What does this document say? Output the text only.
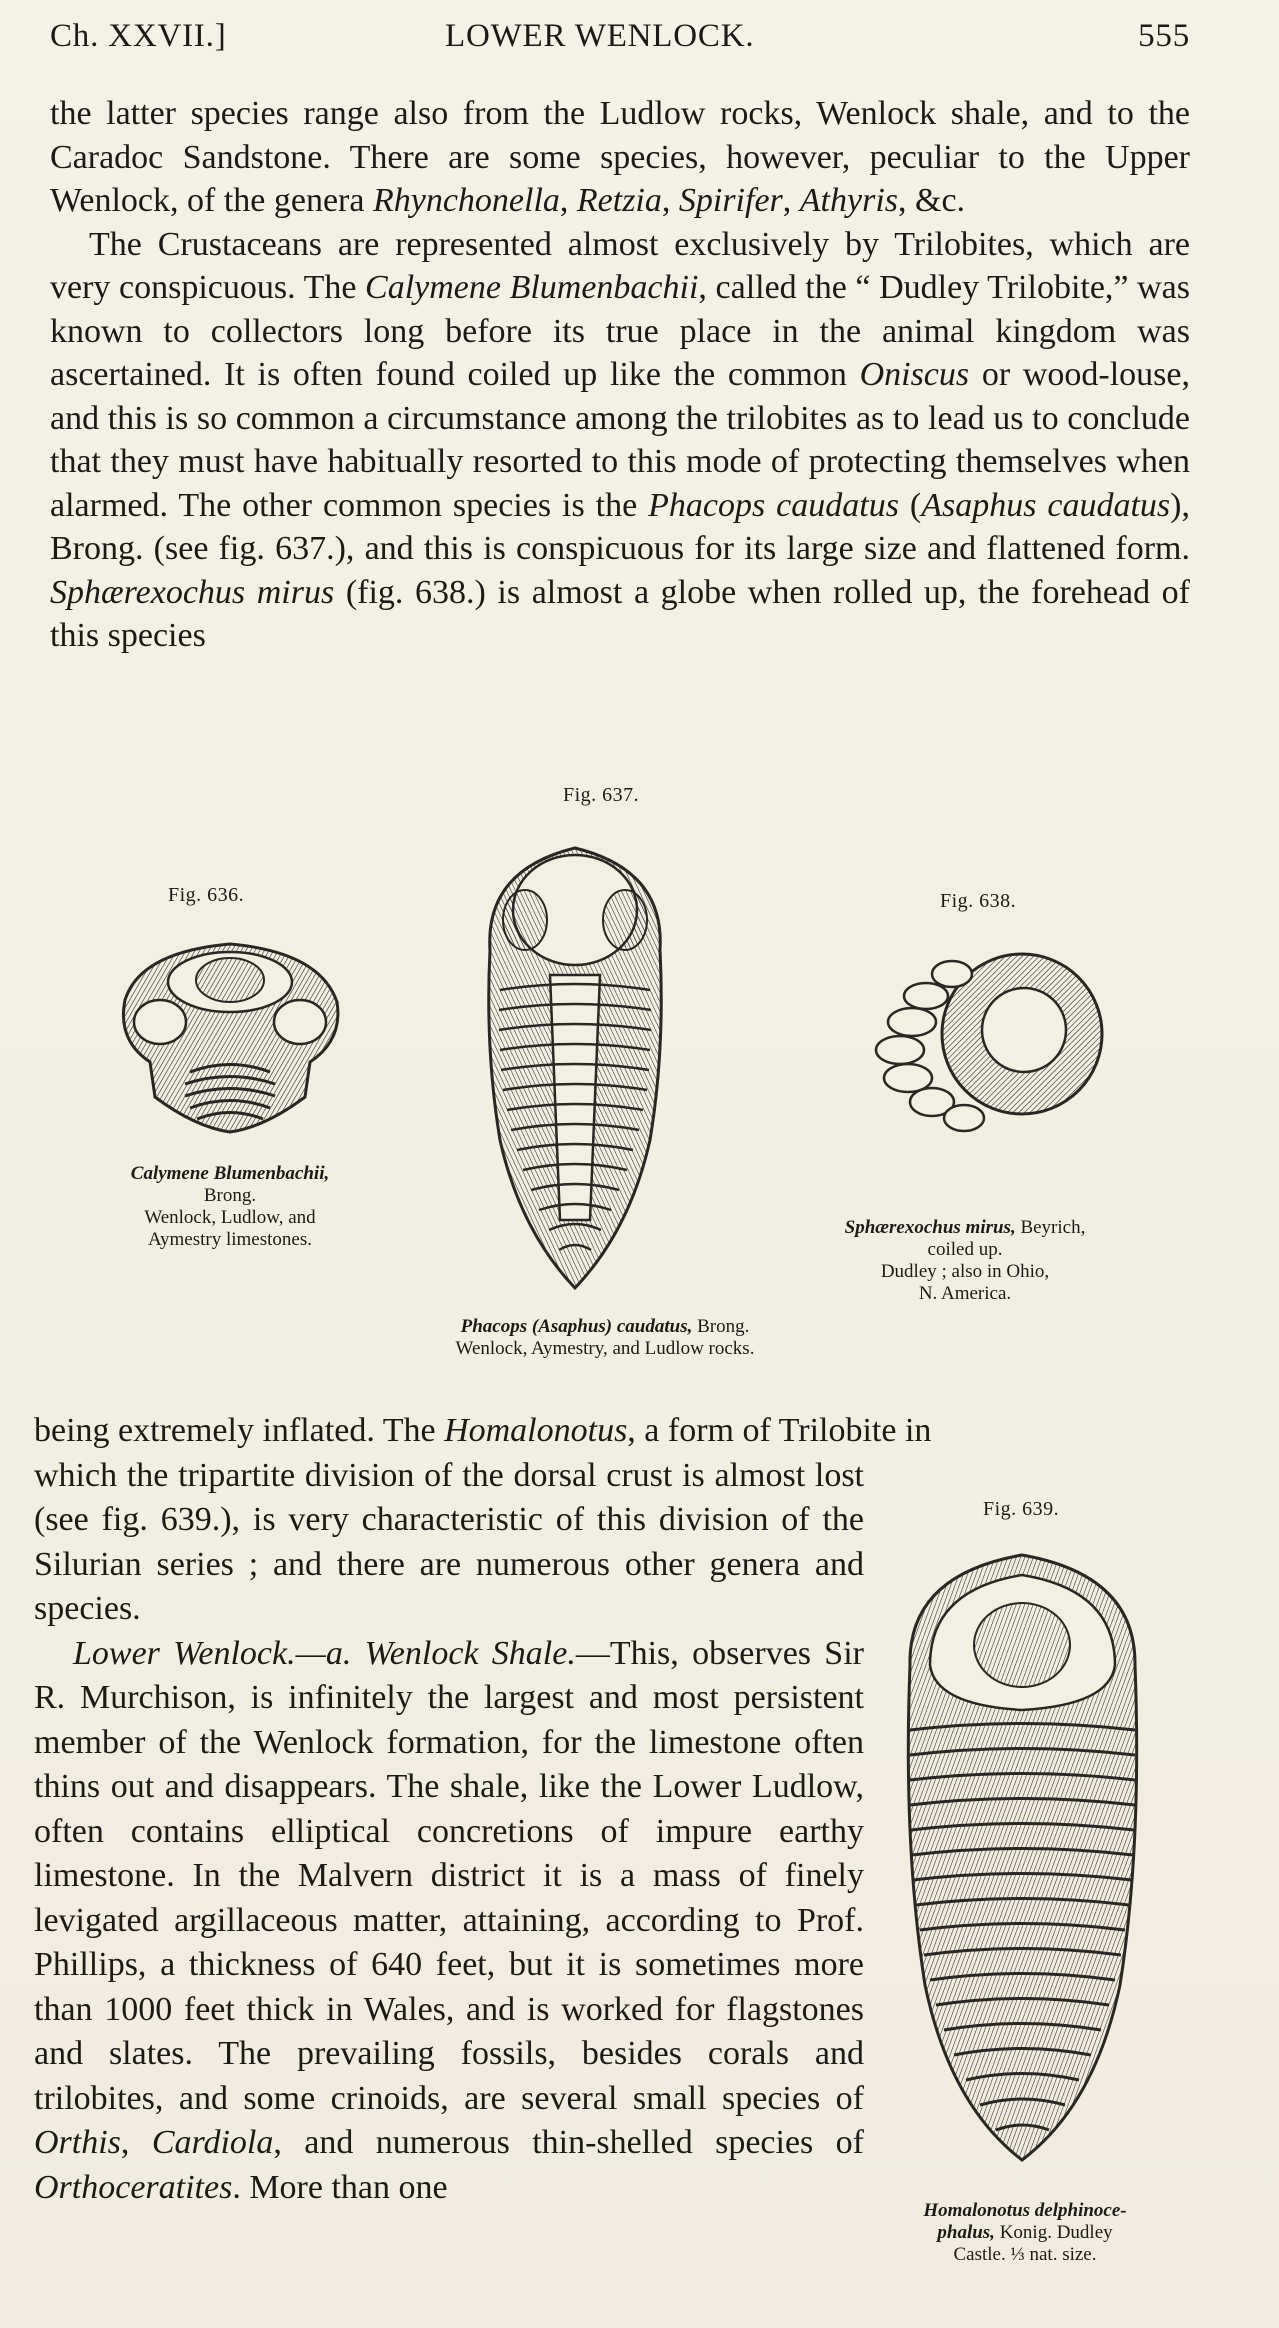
Ch. XXVII.]	LOWER WENLOCK.	555

the latter species range also from the Ludlow rocks, Wenlock shale, and to the Caradoc Sandstone. There are some species, however, peculiar to the Upper Wenlock, of the genera Rhynchonella, Retzia, Spirifer, Athyris, &c.

The Crustaceans are represented almost exclusively by Trilobites, which are very conspicuous. The Calymene Blumenbachii, called the “ Dudley Trilobite,” was known to collectors long before its true place in the animal kingdom was ascertained. It is often found coiled up like the common Oniscus or wood-louse, and this is so common a circumstance among the trilobites as to lead us to conclude that they must have habitually resorted to this mode of protecting themselves when alarmed. The other common species is the Phacops caudatus (Asaphus caudatus), Brong. (see fig. 637.), and this is conspicuous for its large size and flattened form. Sphærexochus mirus (fig. 638.) is almost a globe when rolled up, the forehead of this species

Fig. 636.
Calymene Blumenbachii,
Brong.
Wenlock, Ludlow, and
Aymestry limestones.
Fig. 637.
Phacops (Asaphus) caudatus, Brong.
Wenlock, Aymestry, and Ludlow rocks.
Fig. 638.
Sphærexochus mirus, Beyrich,
coiled up.
Dudley ; also in Ohio,
N. America.

being extremely inflated. The Homalonotus, a form of Trilobite in

which the tripartite division of the dorsal crust is almost lost (see fig. 639.), is very characteristic of this division of the Silurian series ; and there are numerous other genera and species.

Lower Wenlock.—a. Wenlock Shale.—This, observes Sir R. Murchison, is infinitely the largest and most persistent member of the Wenlock formation, for the limestone often thins out and disappears. The shale, like the Lower Ludlow, often contains elliptical concretions of impure earthy limestone. In the Malvern district it is a mass of finely levigated argillaceous matter, attaining, according to Prof. Phillips, a thickness of 640 feet, but it is sometimes more than 1000 feet thick in Wales, and is worked for flagstones and slates. The prevailing fossils, besides corals and trilobites, and some crinoids, are several small species of Orthis, Cardiola, and numerous thin-shelled species of Orthoceratites. More than one

Fig. 639.
Homalonotus delphinoce-
phalus, Konig. Dudley
Castle. ⅓ nat. size.
